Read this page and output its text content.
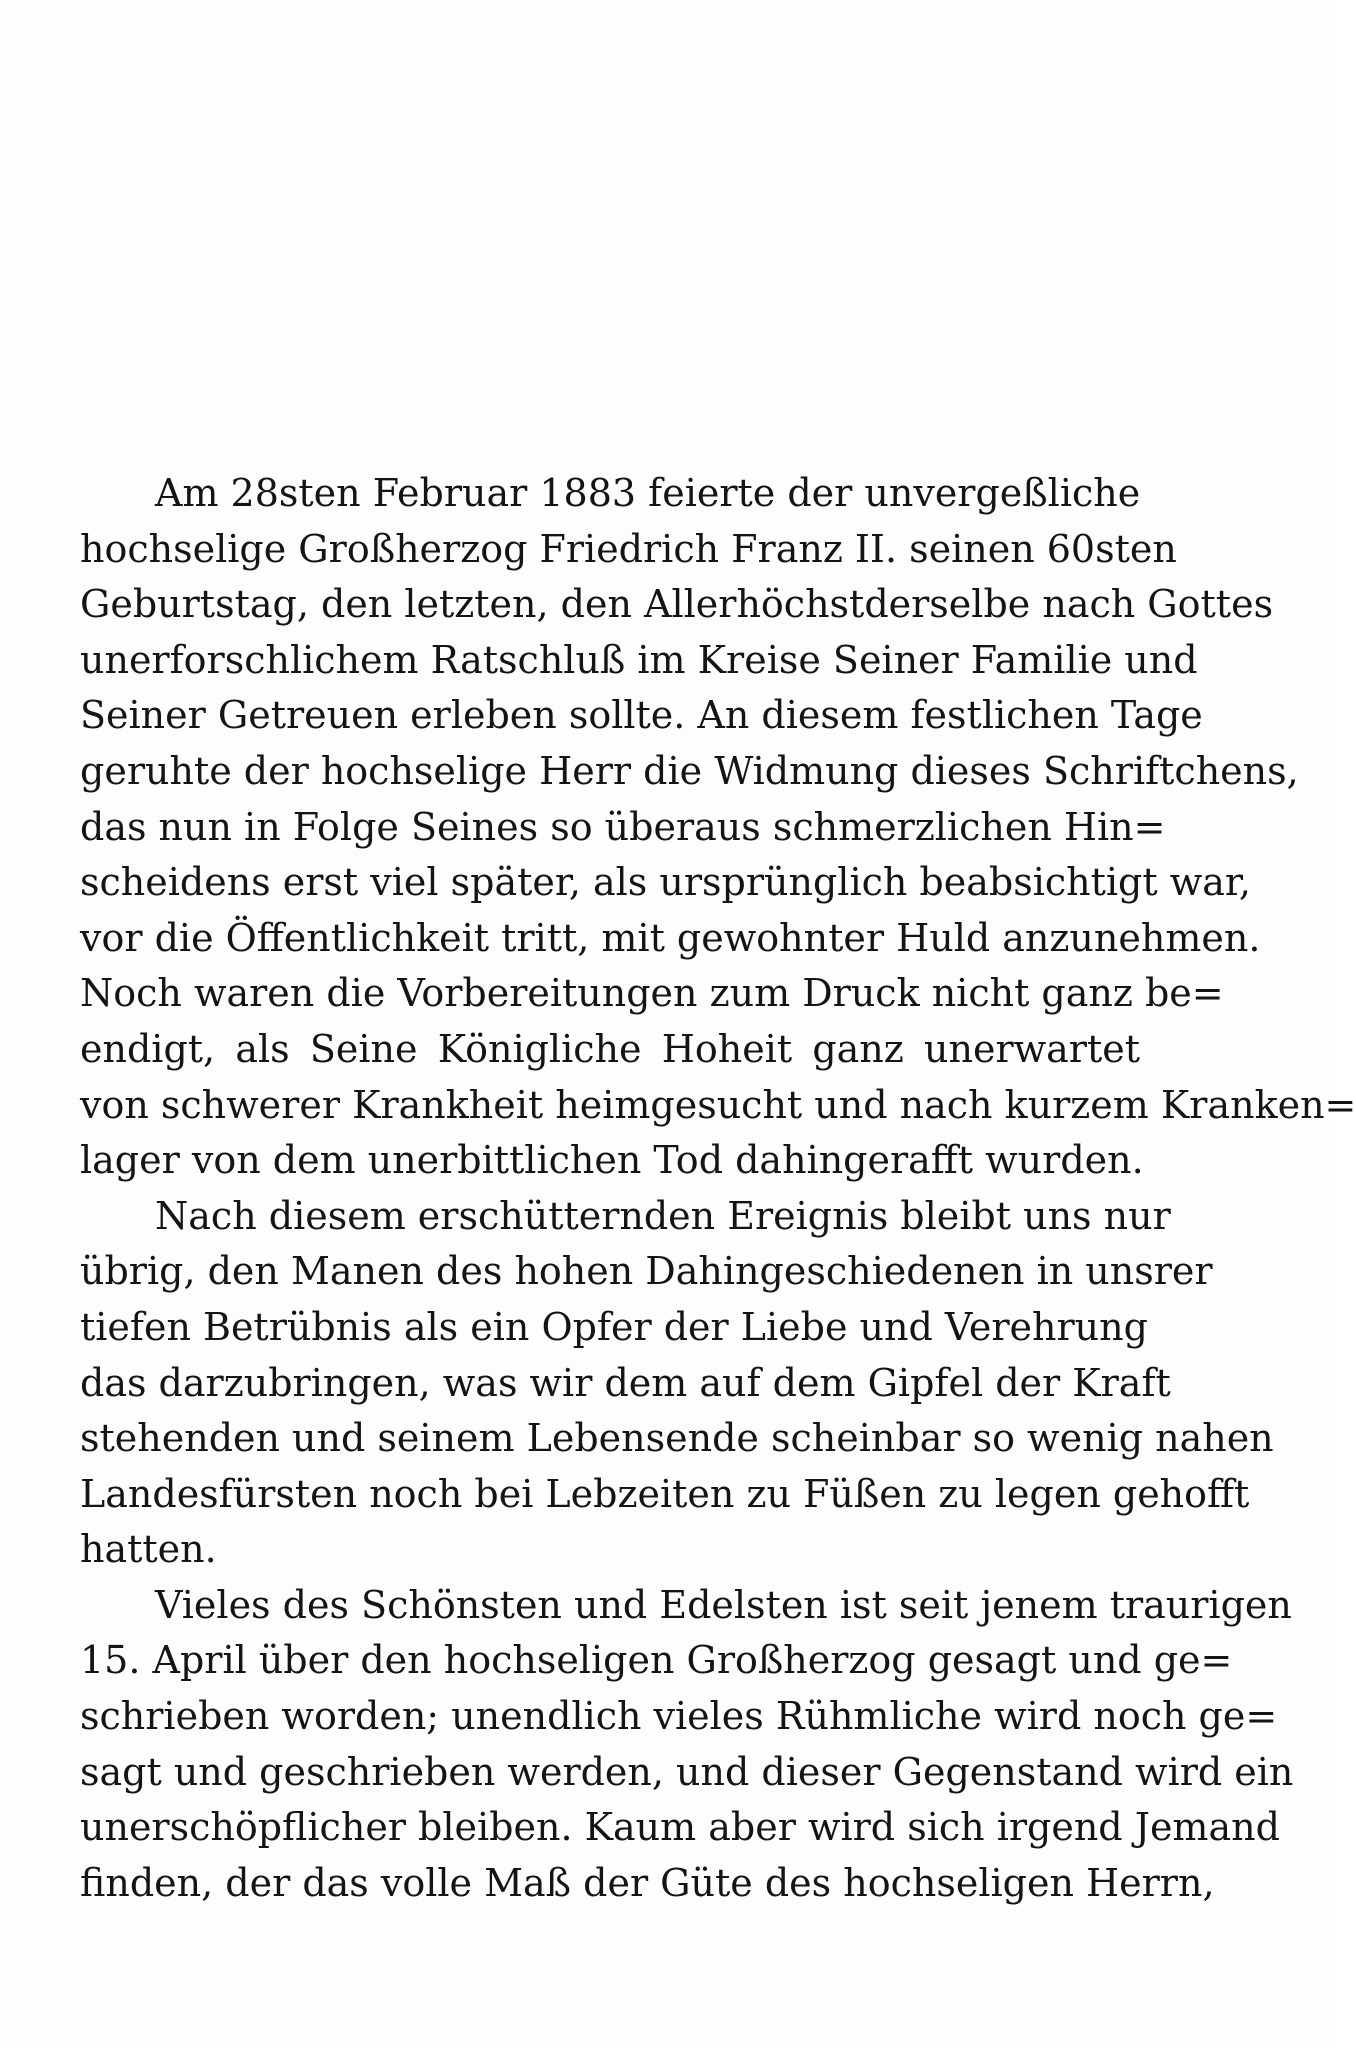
Am 28sten Februar 1883 feierte der unvergeßliche
hochselige Großherzog Friedrich Franz II. seinen 60sten
Geburtstag, den letzten, den Allerhöchstderselbe nach Gottes
unerforschlichem Ratschluß im Kreise Seiner Familie und
Seiner Getreuen erleben sollte. An diesem festlichen Tage
geruhte der hochselige Herr die Widmung dieses Schriftchens,
das nun in Folge Seines so überaus schmerzlichen Hin=
scheidens erst viel später, als ursprünglich beabsichtigt war,
vor die Öffentlichkeit tritt, mit gewohnter Huld anzunehmen.
Noch waren die Vorbereitungen zum Druck nicht ganz be=
endigt, als Seine Königliche Hoheit ganz unerwartet
von schwerer Krankheit heimgesucht und nach kurzem Kranken=
lager von dem unerbittlichen Tod dahingerafft wurden.
Nach diesem erschütternden Ereignis bleibt uns nur
übrig, den Manen des hohen Dahingeschiedenen in unsrer
tiefen Betrübnis als ein Opfer der Liebe und Verehrung
das darzubringen, was wir dem auf dem Gipfel der Kraft
stehenden und seinem Lebensende scheinbar so wenig nahen
Landesfürsten noch bei Lebzeiten zu Füßen zu legen gehofft
hatten.
Vieles des Schönsten und Edelsten ist seit jenem traurigen
15. April über den hochseligen Großherzog gesagt und ge=
schrieben worden; unendlich vieles Rühmliche wird noch ge=
sagt und geschrieben werden, und dieser Gegenstand wird ein
unerschöpflicher bleiben. Kaum aber wird sich irgend Jemand
finden, der das volle Maß der Güte des hochseligen Herrn,
